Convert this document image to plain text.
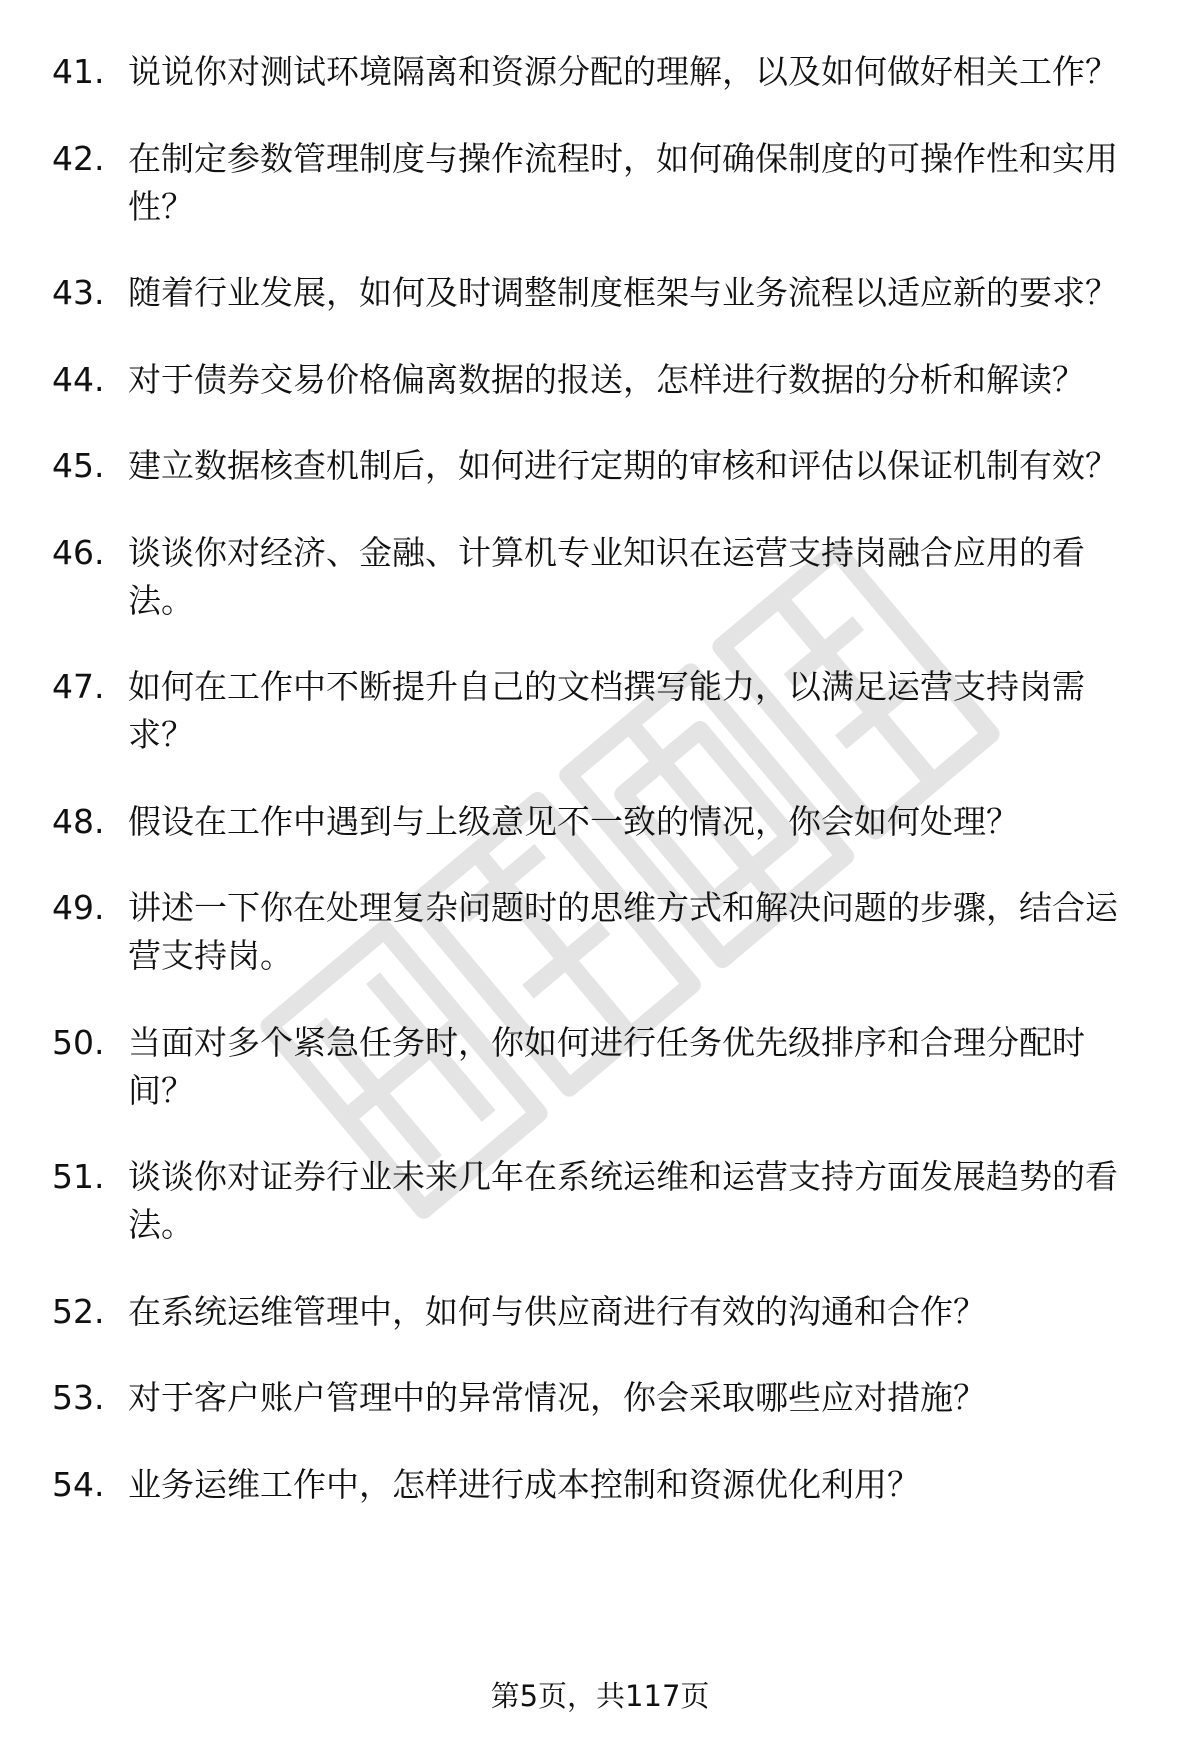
41. 说说你对测试环境隔离和资源分配的理解，以及如何做好相关工作？
42. 在制定参数管理制度与操作流程时，如何确保制度的可操作性和实用性？
43. 随着行业发展，如何及时调整制度框架与业务流程以适应新的要求？
44. 对于债券交易价格偏离数据的报送，怎样进行数据的分析和解读？
45. 建立数据核查机制后，如何进行定期的审核和评估以保证机制有效？
46. 谈谈你对经济、金融、计算机专业知识在运营支持岗融合应用的看法。
47. 如何在工作中不断提升自己的文档撰写能力，以满足运营支持岗需求？
48. 假设在工作中遇到与上级意见不一致的情况，你会如何处理？
49. 讲述一下你在处理复杂问题时的思维方式和解决问题的步骤，结合运营支持岗。
50. 当面对多个紧急任务时，你如何进行任务优先级排序和合理分配时间？
51. 谈谈你对证券行业未来几年在系统运维和运营支持方面发展趋势的看法。
52. 在系统运维管理中，如何与供应商进行有效的沟通和合作？
53. 对于客户账户管理中的异常情况，你会采取哪些应对措施？
54. 业务运维工作中，怎样进行成本控制和资源优化利用？
第5页，共117页
